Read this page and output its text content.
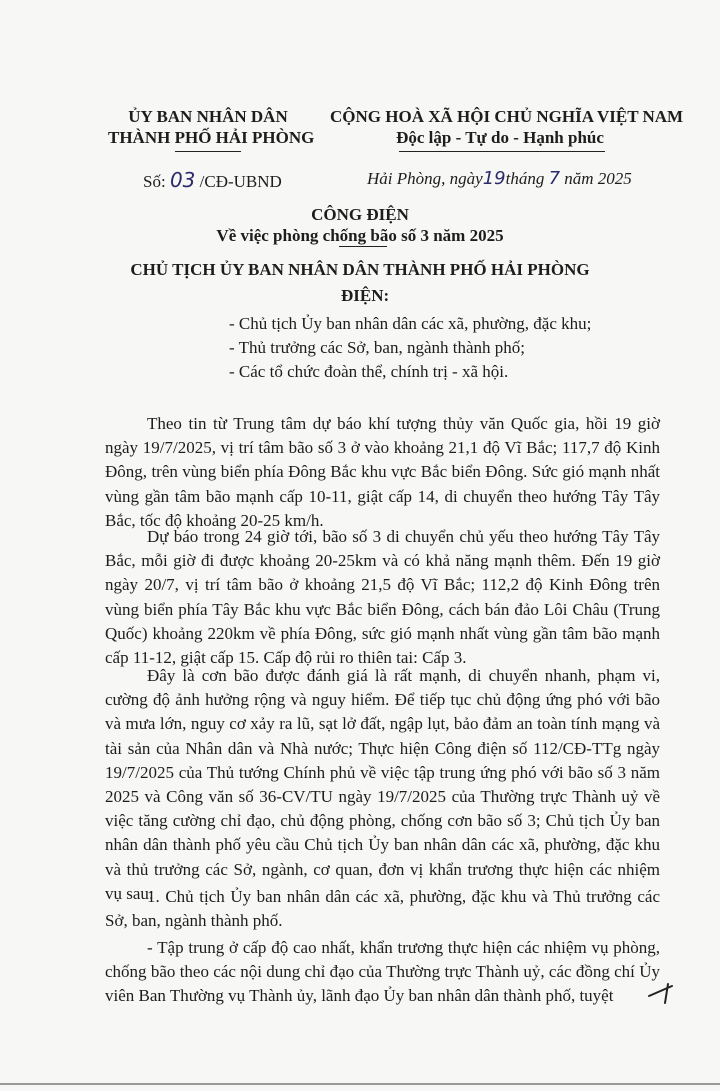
ỦY BAN NHÂN DÂN
THÀNH PHỐ HẢI PHÒNG
CỘNG HOÀ XÃ HỘI CHỦ NGHĨA VIỆT NAM
Độc lập - Tự do - Hạnh phúc
Số: 03 /CĐ-UBND	Hải Phòng, ngày19tháng 7 năm 2025
CÔNG ĐIỆN
Về việc phòng chống bão số 3 năm 2025
CHỦ TỊCH ỦY BAN NHÂN DÂN THÀNH PHỐ HẢI PHÒNG
ĐIỆN:
- Chủ tịch Ủy ban nhân dân các xã, phường, đặc khu;
- Thủ trưởng các Sở, ban, ngành thành phố;
- Các tổ chức đoàn thể, chính trị - xã hội.
Theo tin từ Trung tâm dự báo khí tượng thủy văn Quốc gia, hồi 19 giờ ngày 19/7/2025, vị trí tâm bão số 3 ở vào khoảng 21,1 độ Vĩ Bắc; 117,7 độ Kinh Đông, trên vùng biển phía Đông Bắc khu vực Bắc biển Đông. Sức gió mạnh nhất vùng gần tâm bão mạnh cấp 10-11, giật cấp 14, di chuyển theo hướng Tây Tây Bắc, tốc độ khoảng 20-25 km/h.
Dự báo trong 24 giờ tới, bão số 3 di chuyển chủ yếu theo hướng Tây Tây Bắc, mỗi giờ đi được khoảng 20-25km và có khả năng mạnh thêm. Đến 19 giờ ngày 20/7, vị trí tâm bão ở khoảng 21,5 độ Vĩ Bắc; 112,2 độ Kinh Đông trên vùng biển phía Tây Bắc khu vực Bắc biển Đông, cách bán đảo Lôi Châu (Trung Quốc) khoảng 220km về phía Đông, sức gió mạnh nhất vùng gần tâm bão mạnh cấp 11-12, giật cấp 15. Cấp độ rủi ro thiên tai: Cấp 3.
Đây là cơn bão được đánh giá là rất mạnh, di chuyển nhanh, phạm vi, cường độ ảnh hưởng rộng và nguy hiểm. Để tiếp tục chủ động ứng phó với bão và mưa lớn, nguy cơ xảy ra lũ, sạt lở đất, ngập lụt, bảo đảm an toàn tính mạng và tài sản của Nhân dân và Nhà nước; Thực hiện Công điện số 112/CĐ-TTg ngày 19/7/2025 của Thủ tướng Chính phủ về việc tập trung ứng phó với bão số 3 năm 2025 và Công văn số 36-CV/TU ngày 19/7/2025 của Thường trực Thành uỷ về việc tăng cường chỉ đạo, chủ động phòng, chống cơn bão số 3; Chủ tịch Ủy ban nhân dân thành phố yêu cầu Chủ tịch Ủy ban nhân dân các xã, phường, đặc khu và thủ trưởng các Sở, ngành, cơ quan, đơn vị khẩn trương thực hiện các nhiệm vụ sau:
1. Chủ tịch Ủy ban nhân dân các xã, phường, đặc khu và Thủ trưởng các Sở, ban, ngành thành phố.
- Tập trung ở cấp độ cao nhất, khẩn trương thực hiện các nhiệm vụ phòng, chống bão theo các nội dung chỉ đạo của Thường trực Thành uỷ, các đồng chí Ủy viên Ban Thường vụ Thành ủy, lãnh đạo Ủy ban nhân dân thành phố, tuyệt
